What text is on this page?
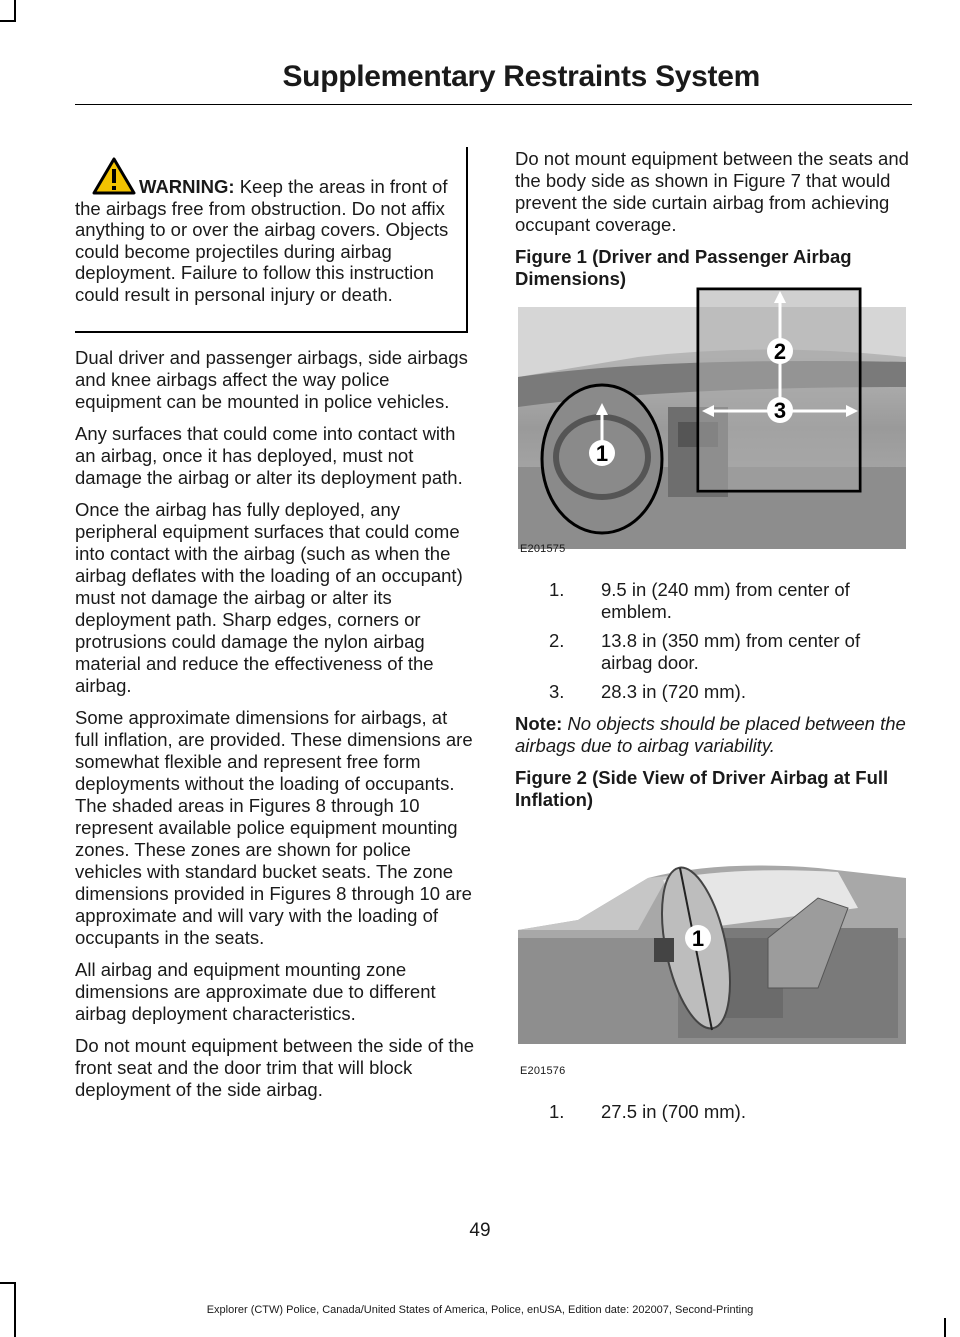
Supplementary Restraints System
WARNING: Keep the areas in front of the airbags free from obstruction. Do not affix anything to or over the airbag covers. Objects could become projectiles during airbag deployment. Failure to follow this instruction could result in personal injury or death.

Dual driver and passenger airbags, side airbags and knee airbags affect the way police equipment can be mounted in police vehicles.

Any surfaces that could come into contact with an airbag, once it has deployed, must not damage the airbag or alter its deployment path.

Once the airbag has fully deployed, any peripheral equipment surfaces that could come into contact with the airbag (such as when the airbag deflates with the loading of an occupant) must not damage the airbag or alter its deployment path. Sharp edges, corners or protrusions could damage the nylon airbag material and reduce the effectiveness of the airbag.

Some approximate dimensions for airbags, at full inflation, are provided. These dimensions are somewhat flexible and represent free form deployments without the loading of occupants. The shaded areas in Figures 8 through 10 represent available police equipment mounting zones. These zones are shown for police vehicles with standard bucket seats. The zone dimensions provided in Figures 8 through 10 are approximate and will vary with the loading of occupants in the seats.

All airbag and equipment mounting zone dimensions are approximate due to different airbag deployment characteristics.

Do not mount equipment between the side of the front seat and the door trim that will block deployment of the side airbag.

Do not mount equipment between the seats and the body side as shown in Figure 7 that would prevent the side curtain airbag from achieving occupant coverage.

Figure 1 (Driver and Passenger Airbag Dimensions)

2
3
1
E201575
1. 9.5 in (240 mm) from center of emblem.
2. 13.8 in (350 mm) from center of airbag door.
3. 28.3 in (720 mm).

Note: No objects should be placed between the airbags due to airbag variability.

Figure 2 (Side View of Driver Airbag at Full Inflation)

1
E201576
1. 27.5 in (700 mm).
49
Explorer (CTW) Police, Canada/United States of America, Police, enUSA, Edition date: 202007, Second-Printing
